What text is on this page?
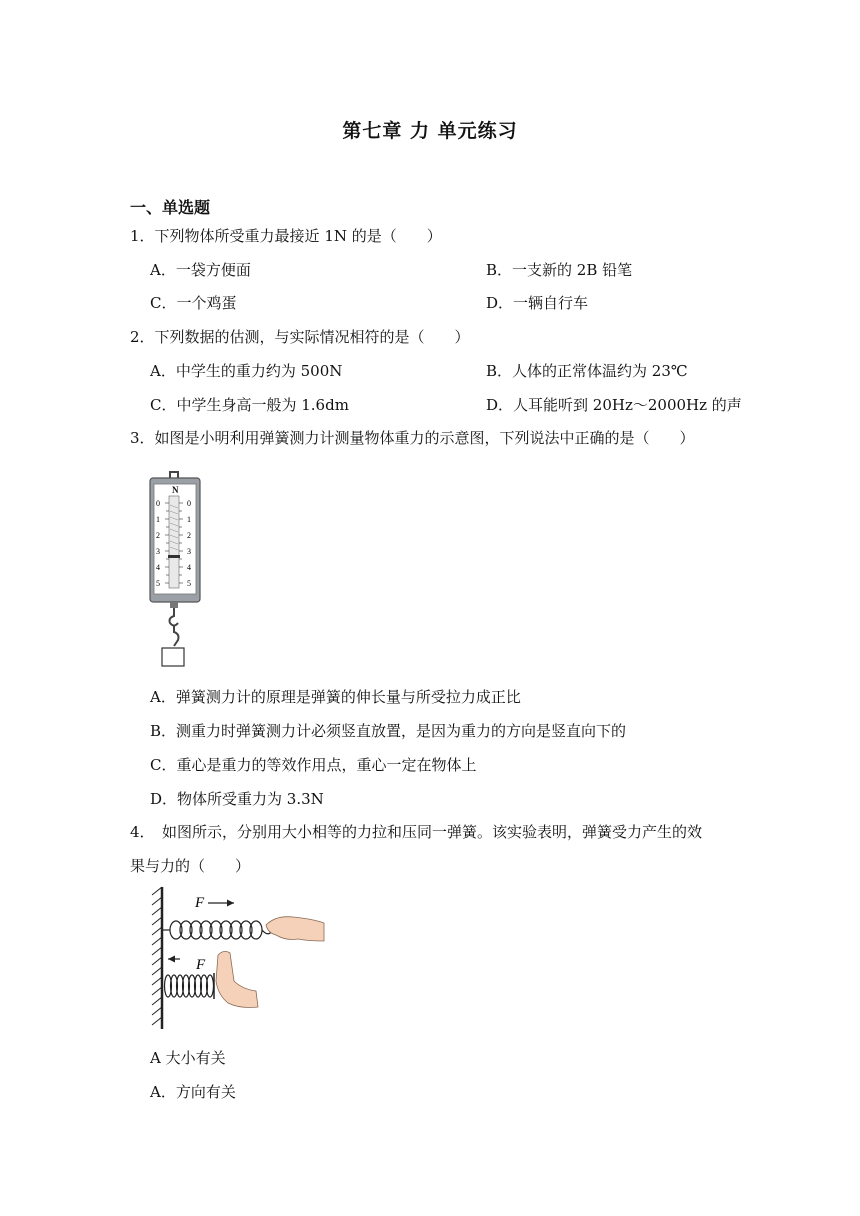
第七章 力 单元练习
一、单选题
1．下列物体所受重力最接近 1N 的是（　　）
A．一袋方便面	B．一支新的 2B 铅笔
C．一个鸡蛋	D．一辆自行车
2．下列数据的估测，与实际情况相符的是（　　）
A．中学生的重力约为 500N	B．人体的正常体温约为 23℃
C．中学生身高一般为 1.6dm	D．人耳能听到 20Hz～2000Hz 的声
3．如图是小明利用弹簧测力计测量物体重力的示意图，下列说法中正确的是（　　）
N
0
1
2
3
4
5
0
1
2
3
4
5
A．弹簧测力计的原理是弹簧的伸长量与所受拉力成正比
B．测重力时弹簧测力计必须竖直放置，是因为重力的方向是竖直向下的
C．重心是重力的等效作用点，重心一定在物体上
D．物体所受重力为 3.3N
4．　如图所示，分别用大小相等的力拉和压同一弹簧。该实验表明，弹簧受力产生的效
果与力的（　　）
F
F
A 大小有关
A．方向有关
